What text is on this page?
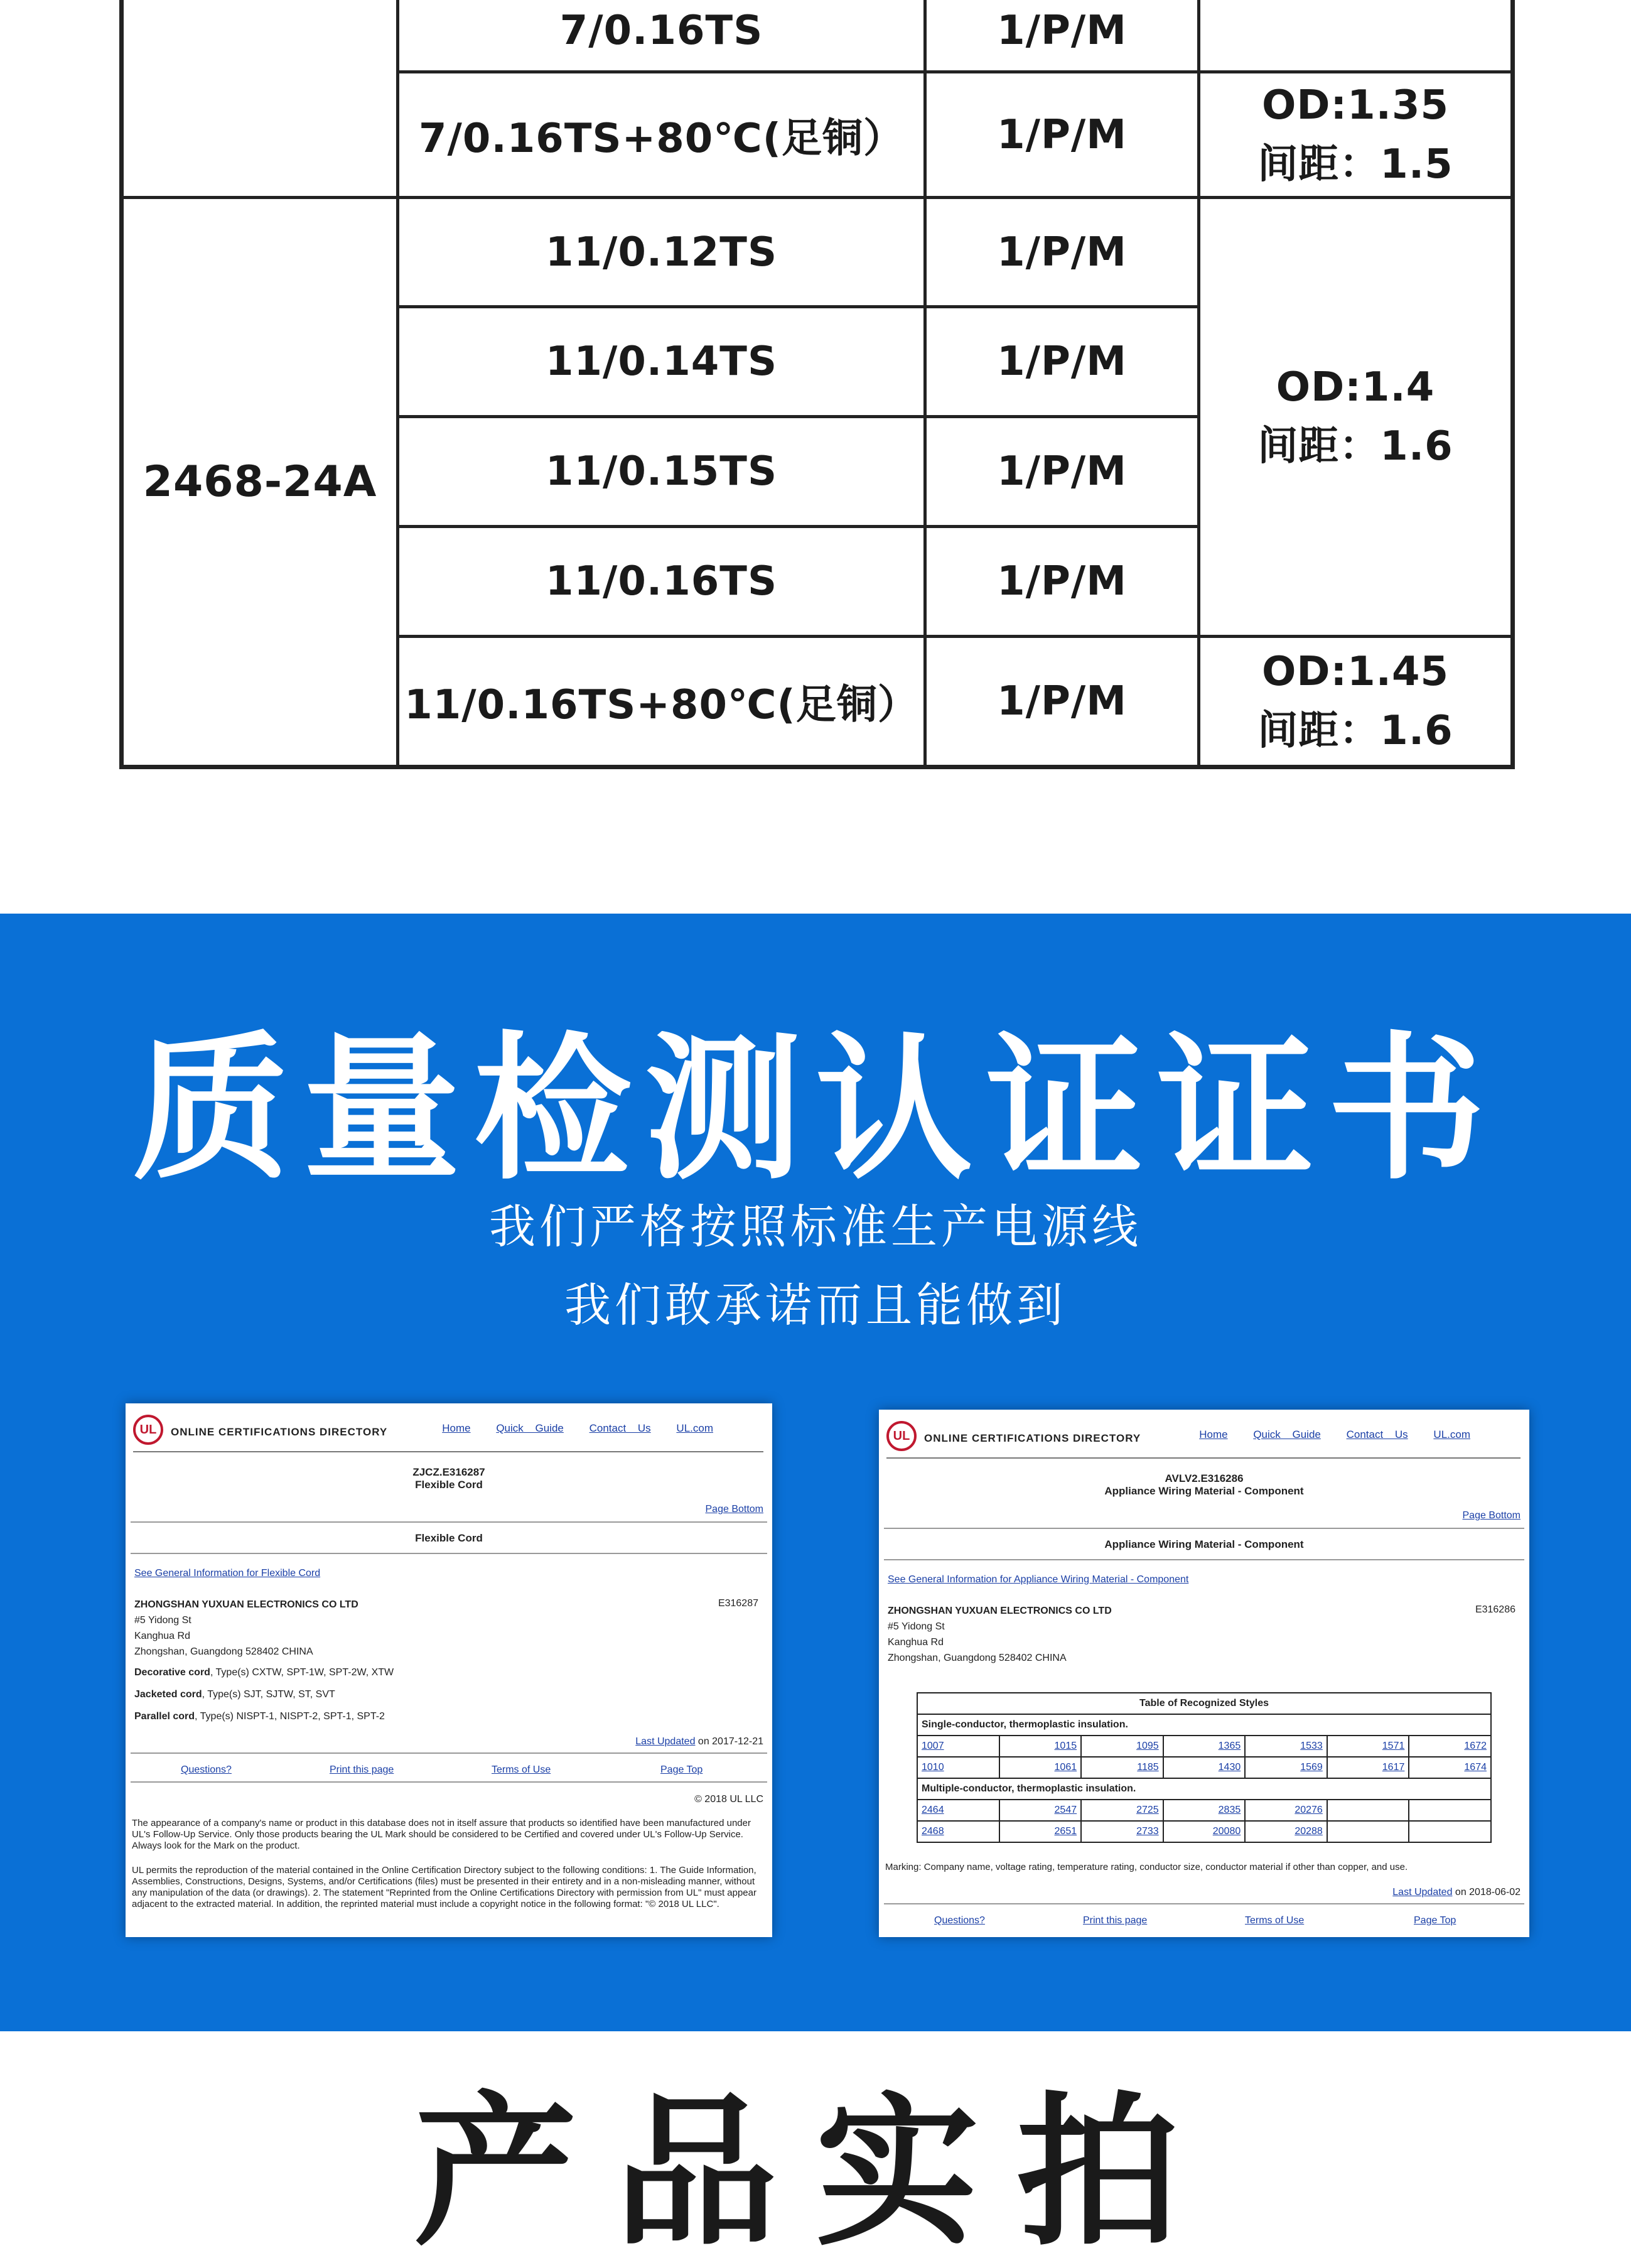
	7/0.16TS	1/P/M	
	7/0.16TS+80℃(足铜）	1/P/M	OD:1.35
间距：1.5

2468-24A	11/0.12TS	1/P/M	OD:1.4
间距：1.6

	11/0.14TS	1/P/M	
	11/0.15TS	1/P/M	
	11/0.16TS	1/P/M	
	11/0.16TS+80℃(足铜）	1/P/M	OD:1.45
间距：1.6
质量检测认证证书
我们严格按照标准生产电源线
我们敢承诺而且能做到
UL	ONLINE CERTIFICATIONS DIRECTORY	Home Quick Guide Contact Us UL.com
ZJCZ.E316287
Flexible Cord
Page Bottom
Flexible Cord
See General Information for Flexible Cord
ZHONGSHAN YUXUAN ELECTRONICS CO LTD
#5 Yidong St
Kanghua Rd
Zhongshan, Guangdong 528402 CHINA
E316287
Decorative cord, Type(s) CXTW, SPT-1W, SPT-2W, XTW
Jacketed cord, Type(s) SJT, SJTW, ST, SVT
Parallel cord, Type(s) NISPT-1, NISPT-2, SPT-1, SPT-2
Last Updated on 2017-12-21
Questions?	Print this page	Terms of Use	Page Top
© 2018 UL LLC
The appearance of a company's name or product in this database does not in itself assure that products so identified have been manufactured under UL's Follow-Up Service. Only those products bearing the UL Mark should be considered to be Certified and covered under UL's Follow-Up Service. Always look for the Mark on the product.
UL permits the reproduction of the material contained in the Online Certification Directory subject to the following conditions: 1. The Guide Information, Assemblies, Constructions, Designs, Systems, and/or Certifications (files) must be presented in their entirety and in a non-misleading manner, without any manipulation of the data (or drawings). 2. The statement "Reprinted from the Online Certifications Directory with permission from UL" must appear adjacent to the extracted material. In addition, the reprinted material must include a copyright notice in the following format: "© 2018 UL LLC".
UL	ONLINE CERTIFICATIONS DIRECTORY	Home Quick Guide Contact Us UL.com
AVLV2.E316286
Appliance Wiring Material - Component
Page Bottom
Appliance Wiring Material - Component
See General Information for Appliance Wiring Material - Component
ZHONGSHAN YUXUAN ELECTRONICS CO LTD
#5 Yidong St
Kanghua Rd
Zhongshan, Guangdong 528402 CHINA
E316286
Table of Recognized Styles						
Single-conductor, thermoplastic insulation.						
1007	1015	1095	1365	1533	1571	1672
1010	1061	1185	1430	1569	1617	1674
Multiple-conductor, thermoplastic insulation.						
2464	2547	2725	2835	20276		
2468	2651	2733	20080	20288		
Marking: Company name, voltage rating, temperature rating, conductor size, conductor material if other than copper, and use.
Last Updated on 2018-06-02
Questions?	Print this page	Terms of Use	Page Top
产品实拍
